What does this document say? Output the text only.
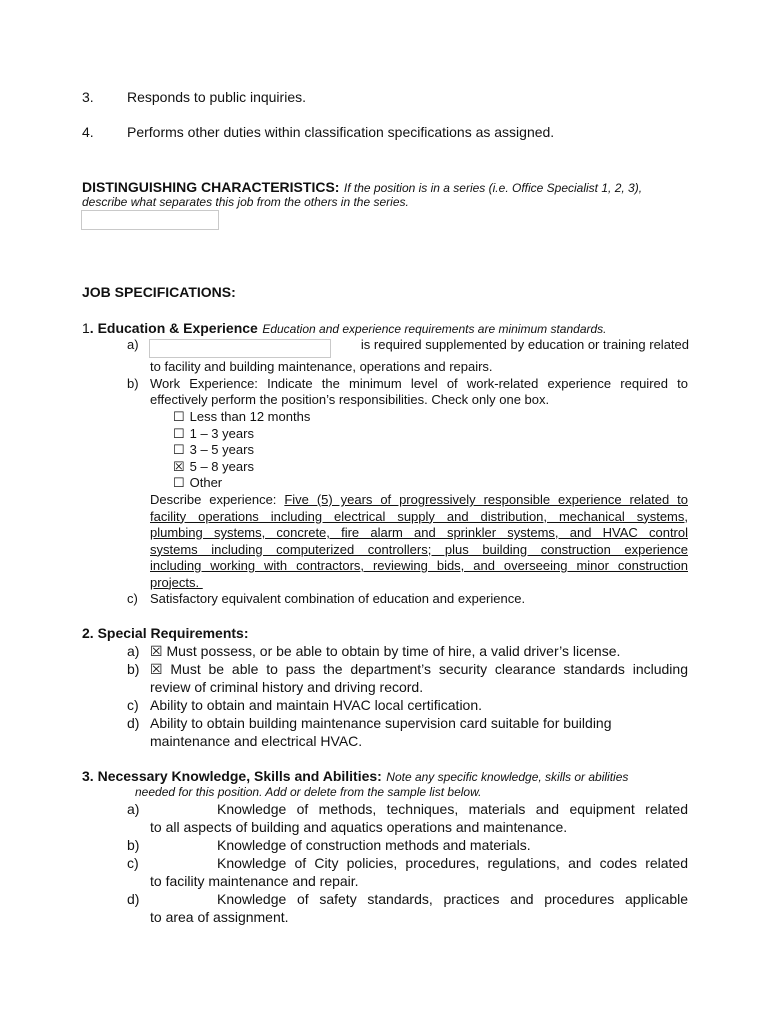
3. Responds to public inquiries.
4. Performs other duties within classification specifications as assigned.
DISTINGUISHING CHARACTERISTICS: If the position is in a series (i.e. Office Specialist 1, 2, 3),
describe what separates this job from the others in the series.
JOB SPECIFICATIONS:
1. Education & Experience Education and experience requirements are minimum standards.
a)	is required supplemented by education or training related
to facility and building maintenance, operations and repairs.
b) Work Experience: Indicate the minimum level of work-related experience required to
effectively perform the position’s responsibilities. Check only one box.
☐ Less than 12 months
☐ 1 – 3 years
☐ 3 – 5 years
☒ 5 – 8 years
☐ Other
Describe experience: Five (5) years of progressively responsible experience related to
facility operations including electrical supply and distribution, mechanical systems,
plumbing systems, concrete, fire alarm and sprinkler systems, and HVAC control
systems including computerized controllers; plus building construction experience
including working with contractors, reviewing bids, and overseeing minor construction
projects.
c) Satisfactory equivalent combination of education and experience.
2. Special Requirements:
a) ☒ Must possess, or be able to obtain by time of hire, a valid driver’s license.
b) ☒ Must be able to pass the department’s security clearance standards including
review of criminal history and driving record.
c) Ability to obtain and maintain HVAC local certification.
d) Ability to obtain building maintenance supervision card suitable for building
maintenance and electrical HVAC.
3. Necessary Knowledge, Skills and Abilities: Note any specific knowledge, skills or abilities
needed for this position. Add or delete from the sample list below.
a)	Knowledge of methods, techniques, materials and equipment related
to all aspects of building and aquatics operations and maintenance.
b)	Knowledge of construction methods and materials.
c)	Knowledge of City policies, procedures, regulations, and codes related
to facility maintenance and repair.
d)	Knowledge of safety standards, practices and procedures applicable
to area of assignment.
